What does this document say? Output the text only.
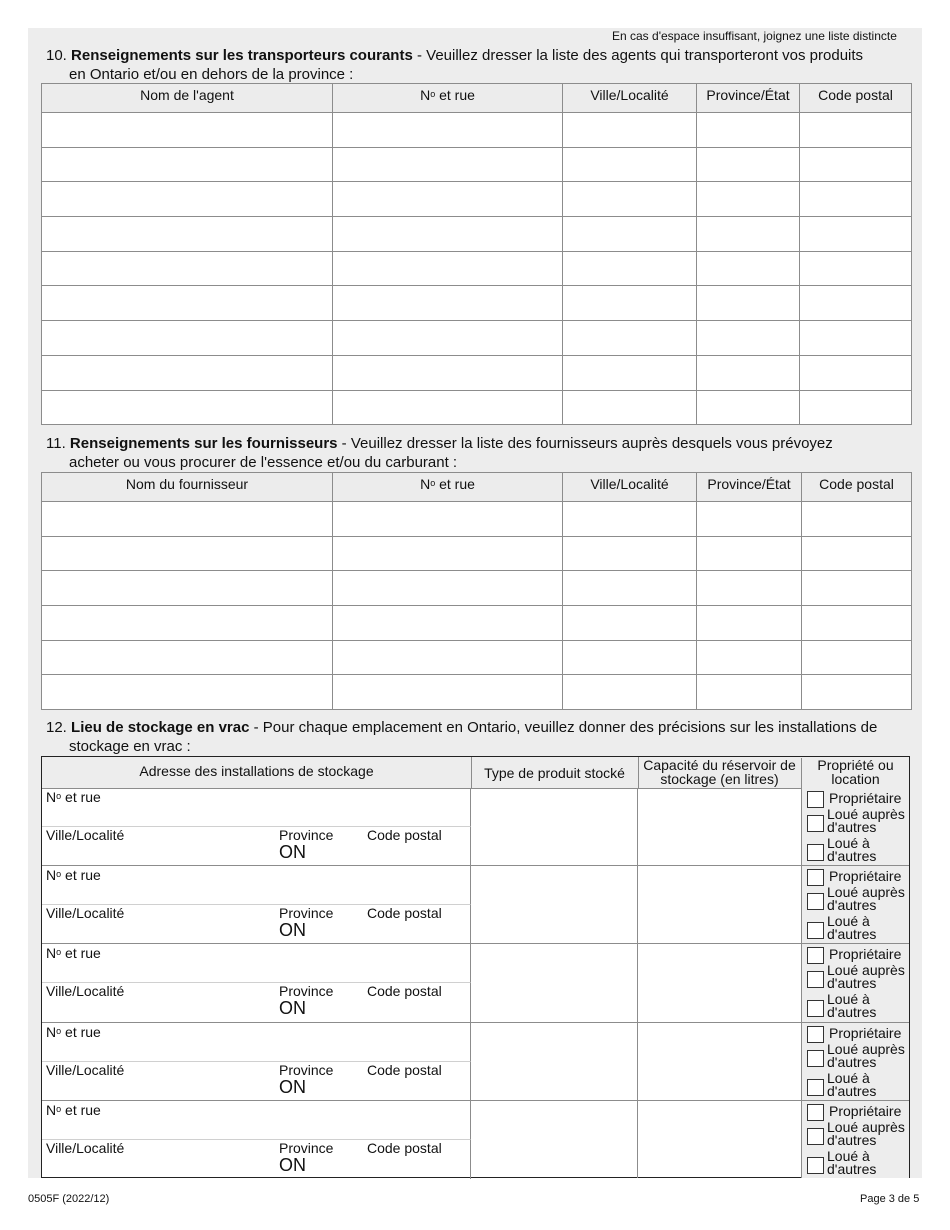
En cas d'espace insuffisant, joignez une liste distincte
10. Renseignements sur les transporteurs courants - Veuillez dresser la liste des agents qui transporteront vos produits
en Ontario et/ou en dehors de la province :
Nom de l'agent	$N^o$ et rue	Ville/Localité	Province/État	Code postal

11. Renseignements sur les fournisseurs - Veuillez dresser la liste des fournisseurs auprès desquels vous prévoyez
acheter ou vous procurer de l'essence et/ou du carburant :
Nom du fournisseur	$N^o$ et rue	Ville/Localité	Province/État	Code postal

12. Lieu de stockage en vrac - Pour chaque emplacement en Ontario, veuillez donner des précisions sur les installations de
stockage en vrac :
Adresse des installations de stockage	Type de produit stocké	Capacité du réservoir de
stockage (en litres)
Propriété ou
location
$N^o$ et rue
Ville/Localité	Province
ON
Code postal
Propriétaire
Loué auprès
d'autres
Loué à
d'autres
$N^o$ et rue
Ville/Localité	Province
ON
Code postal
Propriétaire
Loué auprès
d'autres
Loué à
d'autres
$N^o$ et rue
Ville/Localité	Province
ON
Code postal
Propriétaire
Loué auprès
d'autres
Loué à
d'autres
$N^o$ et rue
Ville/Localité	Province
ON
Code postal
Propriétaire
Loué auprès
d'autres
Loué à
d'autres
$N^o$ et rue
Ville/Localité	Province
ON
Code postal
Propriétaire
Loué auprès
d'autres
Loué à
d'autres
0505F (2022/12)	Page 3 de 5
